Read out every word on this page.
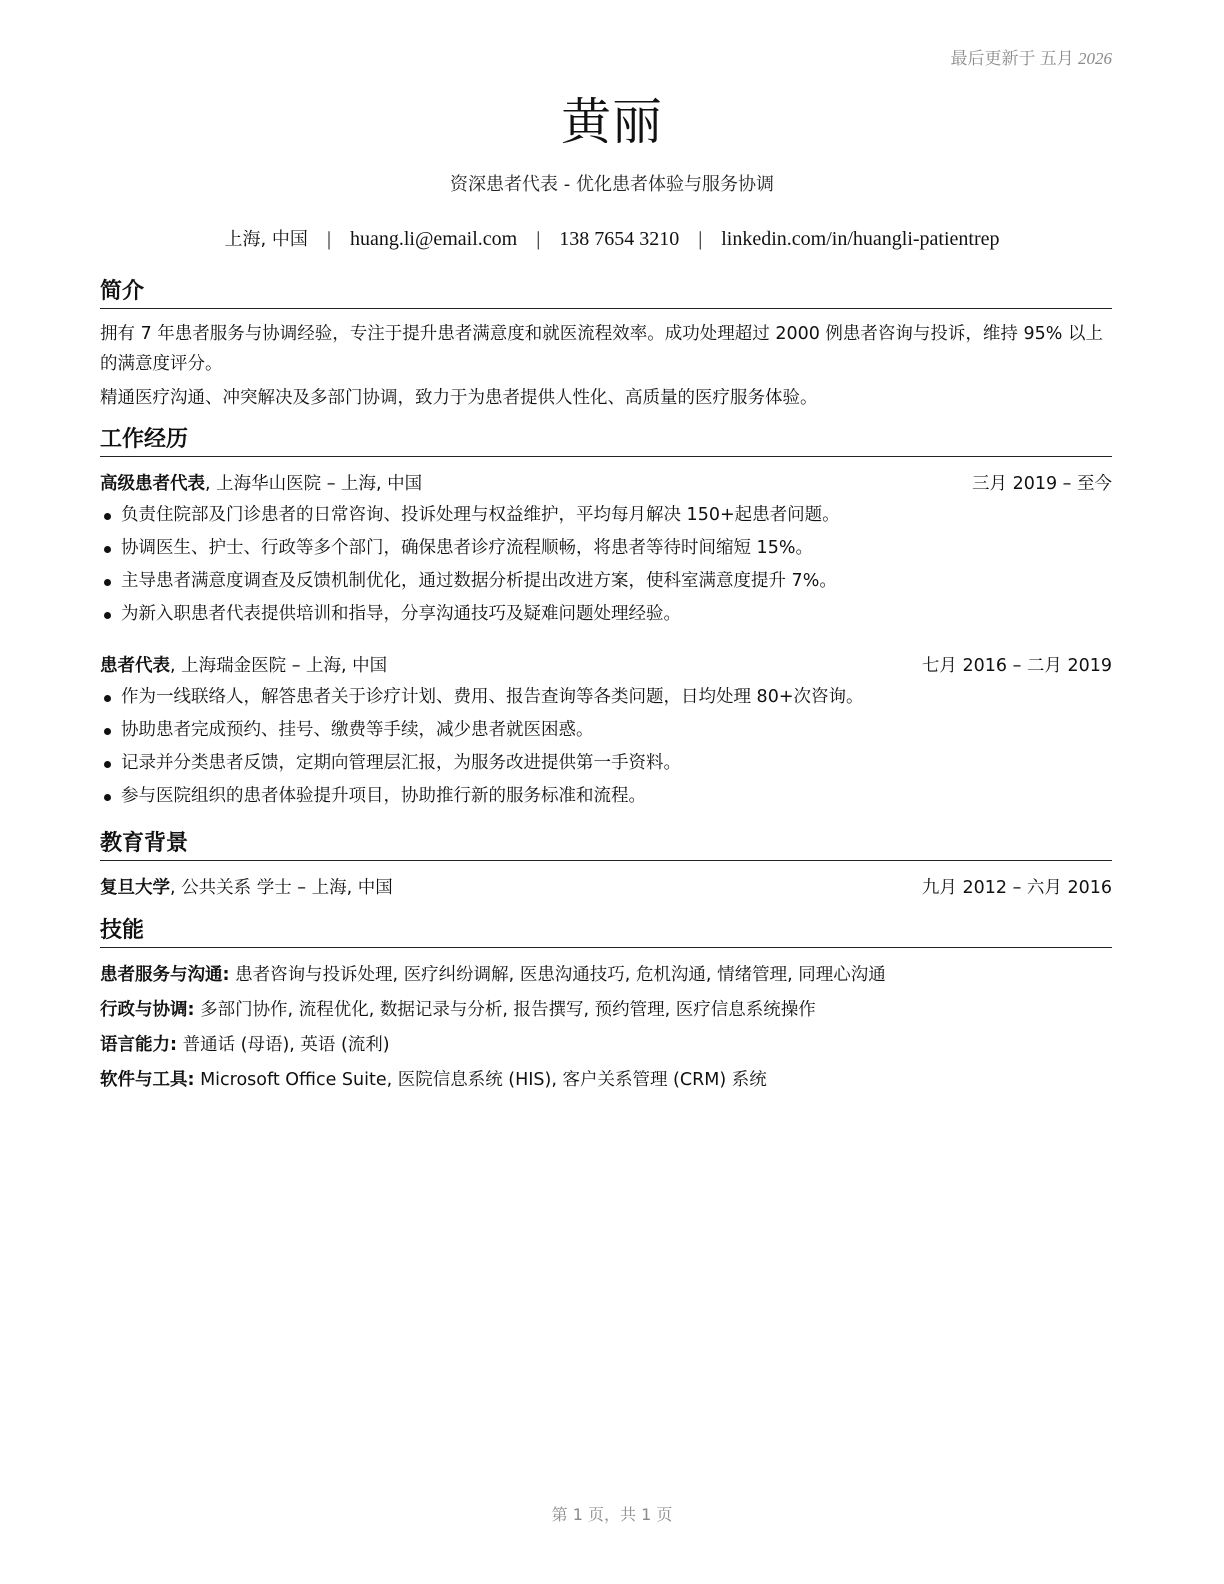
最后更新于 五月 2026
黄丽
资深患者代表 - 优化患者体验与服务协调
上海, 中国 | huang.li@email.com | 138 7654 3210 | linkedin.com/in/huangli-patientrep
简介
拥有 7 年患者服务与协调经验，专注于提升患者满意度和就医流程效率。成功处理超过 2000 例患者咨询与投诉，维持 95% 以上的满意度评分。
精通医疗沟通、冲突解决及多部门协调，致力于为患者提供人性化、高质量的医疗服务体验。
工作经历
高级患者代表, 上海华山医院 – 上海, 中国	三月 2019 – 至今
负责住院部及门诊患者的日常咨询、投诉处理与权益维护，平均每月解决 150+起患者问题。
协调医生、护士、行政等多个部门，确保患者诊疗流程顺畅，将患者等待时间缩短 15%。
主导患者满意度调查及反馈机制优化，通过数据分析提出改进方案，使科室满意度提升 7%。
为新入职患者代表提供培训和指导，分享沟通技巧及疑难问题处理经验。
患者代表, 上海瑞金医院 – 上海, 中国	七月 2016 – 二月 2019
作为一线联络人，解答患者关于诊疗计划、费用、报告查询等各类问题，日均处理 80+次咨询。
协助患者完成预约、挂号、缴费等手续，减少患者就医困惑。
记录并分类患者反馈，定期向管理层汇报，为服务改进提供第一手资料。
参与医院组织的患者体验提升项目，协助推行新的服务标准和流程。
教育背景
复旦大学, 公共关系 学士 – 上海, 中国	九月 2012 – 六月 2016
技能
患者服务与沟通: 患者咨询与投诉处理, 医疗纠纷调解, 医患沟通技巧, 危机沟通, 情绪管理, 同理心沟通
行政与协调: 多部门协作, 流程优化, 数据记录与分析, 报告撰写, 预约管理, 医疗信息系统操作
语言能力: 普通话 (母语), 英语 (流利)
软件与工具: Microsoft Office Suite, 医院信息系统 (HIS), 客户关系管理 (CRM) 系统
第 1 页，共 1 页
